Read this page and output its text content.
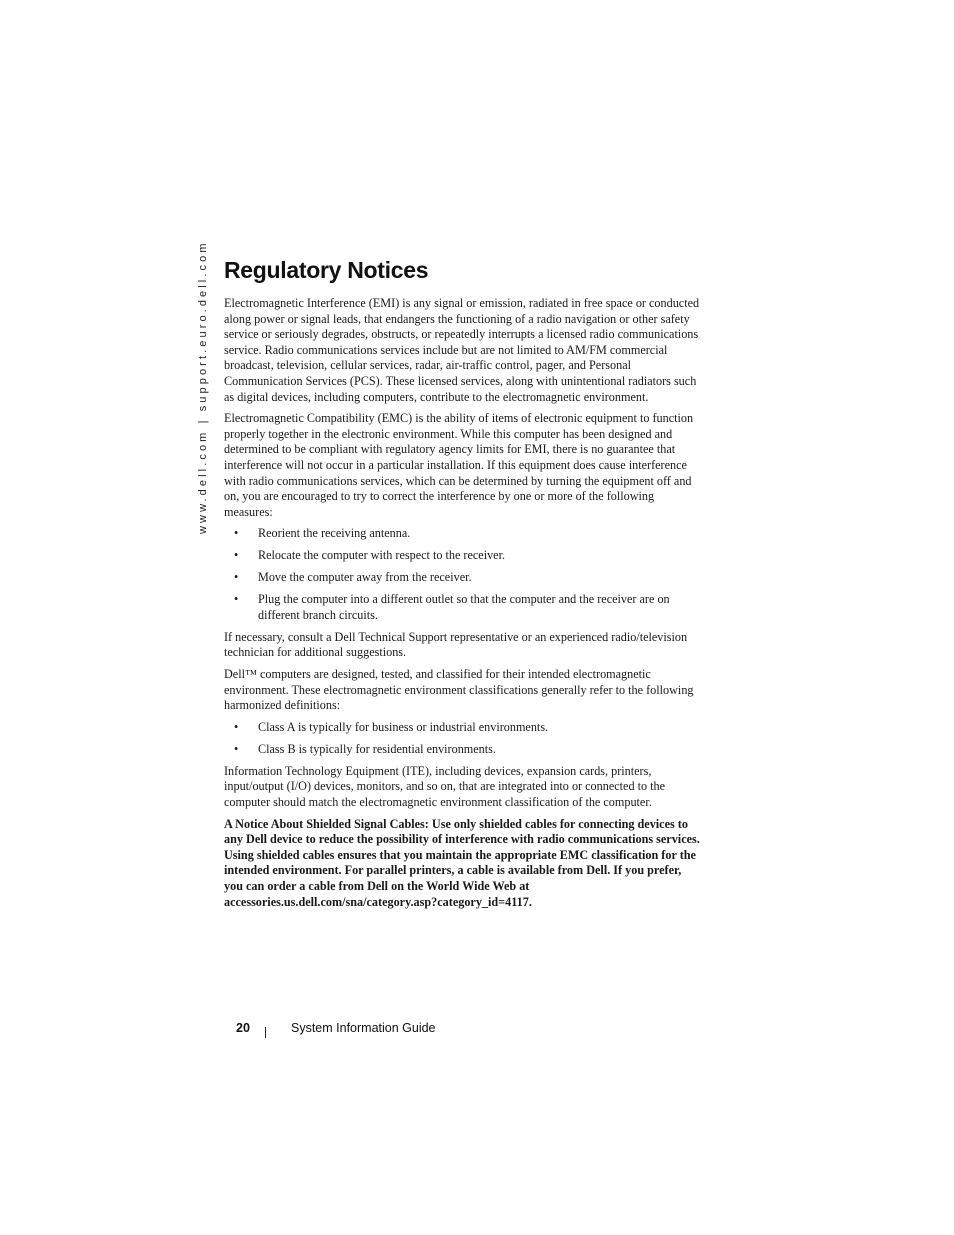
www.dell.com | support.euro.dell.com Regulatory Notices

Electromagnetic Interference (EMI) is any signal or emission, radiated in free space or conducted along power or signal leads, that endangers the functioning of a radio navigation or other safety service or seriously degrades, obstructs, or repeatedly interrupts a licensed radio communications service. Radio communications services include but are not limited to AM/FM commercial broadcast, television, cellular services, radar, air-traffic control, pager, and Personal Communication Services (PCS). These licensed services, along with unintentional radiators such as digital devices, including computers, contribute to the electromagnetic environment.

Electromagnetic Compatibility (EMC) is the ability of items of electronic equipment to function properly together in the electronic environment. While this computer has been designed and determined to be compliant with regulatory agency limits for EMI, there is no guarantee that interference will not occur in a particular installation. If this equipment does cause interference with radio communications services, which can be determined by turning the equipment off and on, you are encouraged to try to correct the interference by one or more of the following measures:

• Reorient the receiving antenna.
• Relocate the computer with respect to the receiver.
• Move the computer away from the receiver.
• Plug the computer into a different outlet so that the computer and the receiver are on different branch circuits.

If necessary, consult a Dell Technical Support representative or an experienced radio/television technician for additional suggestions.

Dell™ computers are designed, tested, and classified for their intended electromagnetic environment. These electromagnetic environment classifications generally refer to the following harmonized definitions:

• Class A is typically for business or industrial environments.
• Class B is typically for residential environments.

Information Technology Equipment (ITE), including devices, expansion cards, printers, input/output (I/O) devices, monitors, and so on, that are integrated into or connected to the computer should match the electromagnetic environment classification of the computer.

A Notice About Shielded Signal Cables: Use only shielded cables for connecting devices to any Dell device to reduce the possibility of interference with radio communications services. Using shielded cables ensures that you maintain the appropriate EMC classification for the intended environment. For parallel printers, a cable is available from Dell. If you prefer, you can order a cable from Dell on the World Wide Web at accessories.us.dell.com/sna/category.asp?category_id=4117.

20	System Information Guide
